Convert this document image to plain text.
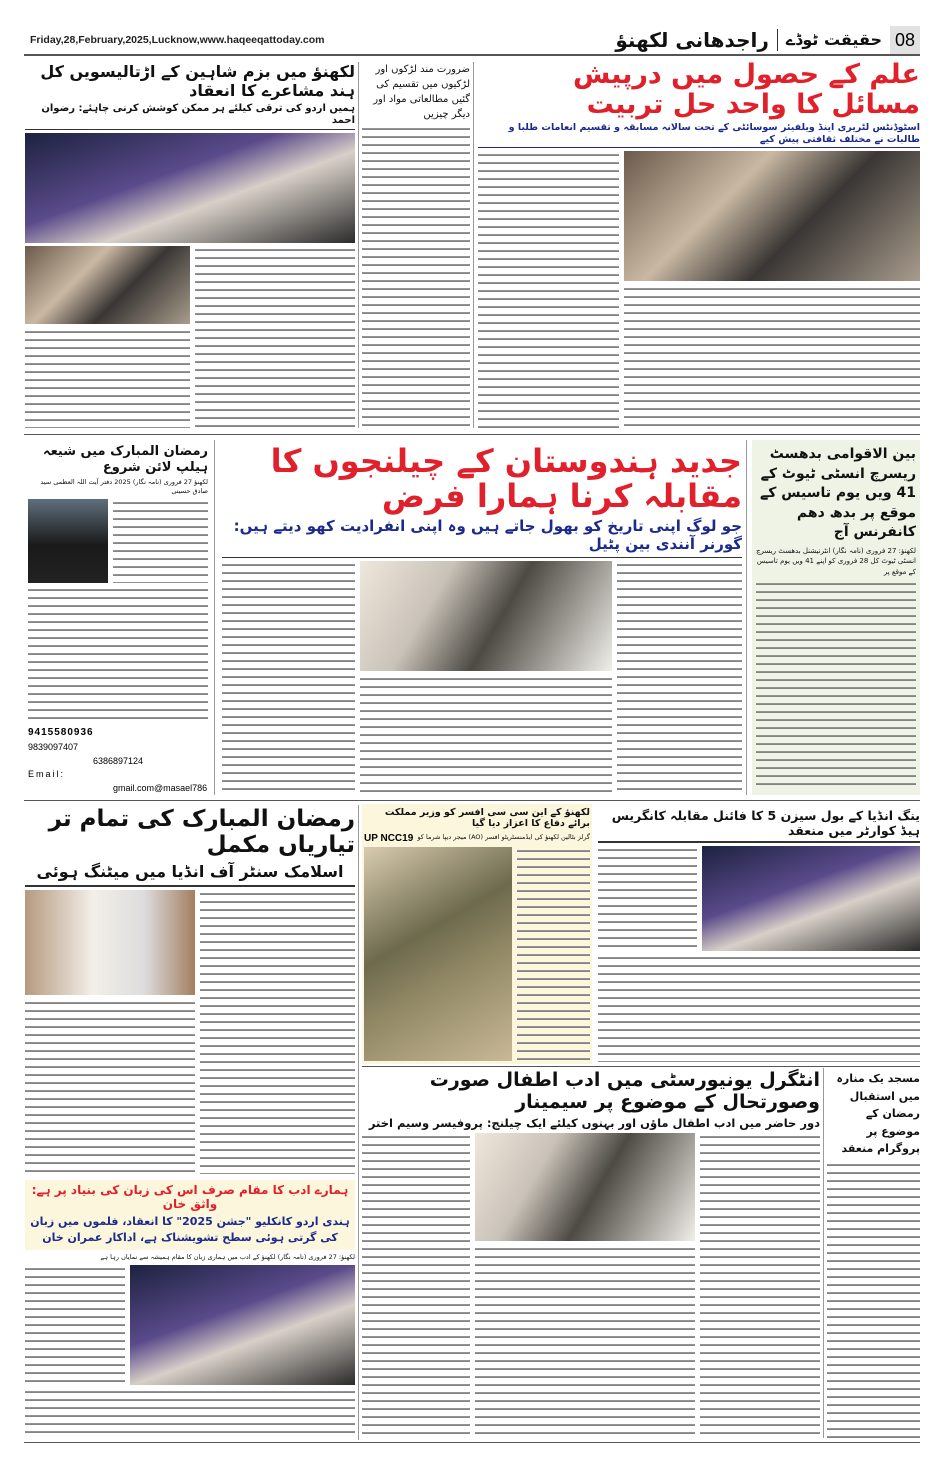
Friday,28,February,2025,Lucknow,www.haqeeqattoday.com	راجدھانی لکھنؤ حقیقت ٹوڈے 08
علم کے حصول میں درپیش مسائل کا واحد حل تربیت
اسٹوڈنٹس لٹریری اینڈ ویلفیئر سوسائٹی کے تحت سالانہ مسابقہ و تقسیم انعامات طلبا و طالبات نے مختلف ثقافتی پیش کیے
ضرورت مند لڑکوں اور لڑکیوں میں تقسیم کی گئیں مطالعاتی مواد اور دیگر چیزیں
لکھنؤ میں بزم شاہین کے اڑتالیسویں کل ہند مشاعرے کا انعقاد
ہمیں اردو کی ترقی کیلئے ہر ممکن کوشش کرنی چاہئے: رضوان احمد
رمضان المبارک میں شیعہ ہیلپ لائن شروع
لکھنؤ 27 فروری (نامہ نگار) 2025 دفتر آیت اللہ العظمی سید صادق حسینی
9415580936
9839097407
6386897124
Email:
gmail.com@masael786
جدید ہندوستان کے چیلنجوں کا مقابلہ کرنا ہمارا فرض
جو لوگ اپنی تاریخ کو بھول جاتے ہیں وہ اپنی انفرادیت کھو دیتے ہیں: گورنر آنندی بین پٹیل
بین الاقوامی بدھسٹ ریسرچ انسٹی ٹیوٹ کے 41 ویں یوم تاسیس کے موقع پر بدھ دھم کانفرنس آج
لکھنؤ: 27 فروری (نامہ نگار) انٹرنیشنل بدھسٹ ریسرچ انسٹی ٹیوٹ کل 28 فروری کو اپنے 41 ویں یوم تاسیس کے موقع پر
رمضان المبارک کی تمام تر تیاریاں مکمل
اسلامک سنٹر آف انڈیا میں میٹنگ ہوئی
لکھنؤ کے این سی سی افسر کو وزیر مملکت برائے دفاع کا اعزاز دیا گیا
گرلز بٹالین لکھنؤ کی ایڈمنسٹریٹو افسر (AO) میجر دیپا شرما کو
UP NCC19
ینگ انڈیا کے بول سیزن 5 کا فائنل مقابلہ کانگریس ہیڈ کوارٹر میں منعقد
انٹگرل یونیورسٹی میں ادب اطفال صورت وصورتحال کے موضوع پر سیمینار
دور حاضر میں ادب اطفال ماؤں اور بہنوں کیلئے ایک چیلنج: پروفیسر وسیم اختر
مسجد یک منارہ میں استقبال رمضان کے موضوع پر پروگرام منعقد
ہمارے ادب کا مقام صرف اس کی زبان کی بنیاد پر ہے: واثق خان
ہندی اردو کانکلیو "جشن 2025" کا انعقاد، فلموں میں زبان کی گرتی ہوئی سطح تشویشناک ہے، اداکار عمران خان
لکھنؤ: 27 فروری (نامہ نگار) لکھنؤ کے ادب میں ہماری زبان کا مقام ہمیشہ سے نمایاں رہا ہے
